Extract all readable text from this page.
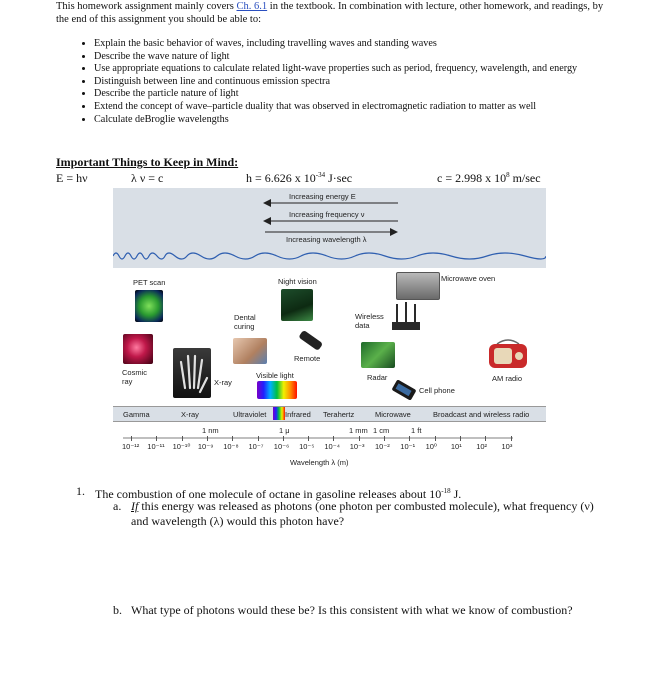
This homework assignment mainly covers Ch. 6.1 in the textbook. In combination with lecture, other homework, and readings, by the end of this assignment you should be able to:
• Explain the basic behavior of waves, including travelling waves and standing waves
• Describe the wave nature of light
• Use appropriate equations to calculate related light-wave properties such as period, frequency, wavelength, and energy
• Distinguish between line and continuous emission spectra
• Describe the particle nature of light
• Extend the concept of wave–particle duality that was observed in electromagnetic radiation to matter as well
• Calculate deBroglie wavelengths
Important Things to Keep in Mind:
E = hν	λ ν = c	h = 6.626 x $10^{-34}$ J·sec	c = 2.998 x $10^8$ m/sec
Increasing energy E
Increasing frequency ν
Increasing wavelength λ
PET scan	Night vision	Microwave oven
Dental curing
Wireless data
Remote
Cosmic ray	X-ray
Visible light	Radar
Cell phone
AM radio
Gamma	X-ray	Ultraviolet Infrared Terahertz	Microwave	Broadcast and wireless radio
1 nm	1 μ	1 mm 1 cm	1 ft
10⁻¹² 10⁻¹¹ 10⁻¹⁰ 10⁻⁹ 10⁻⁸ 10⁻⁷ 10⁻⁶ 10⁻⁵ 10⁻⁴ 10⁻³ 10⁻² 10⁻¹ 10⁰ 10¹ 10² 10³
Wavelength λ (m)
1. The combustion of one molecule of octane in gasoline releases about $10^{-18}$ J.
a. If this energy was released as photons (one photon per combusted molecule), what frequency (ν) and wavelength (λ) would this photon have?
b. What type of photons would these be? Is this consistent with what we know of combustion?
